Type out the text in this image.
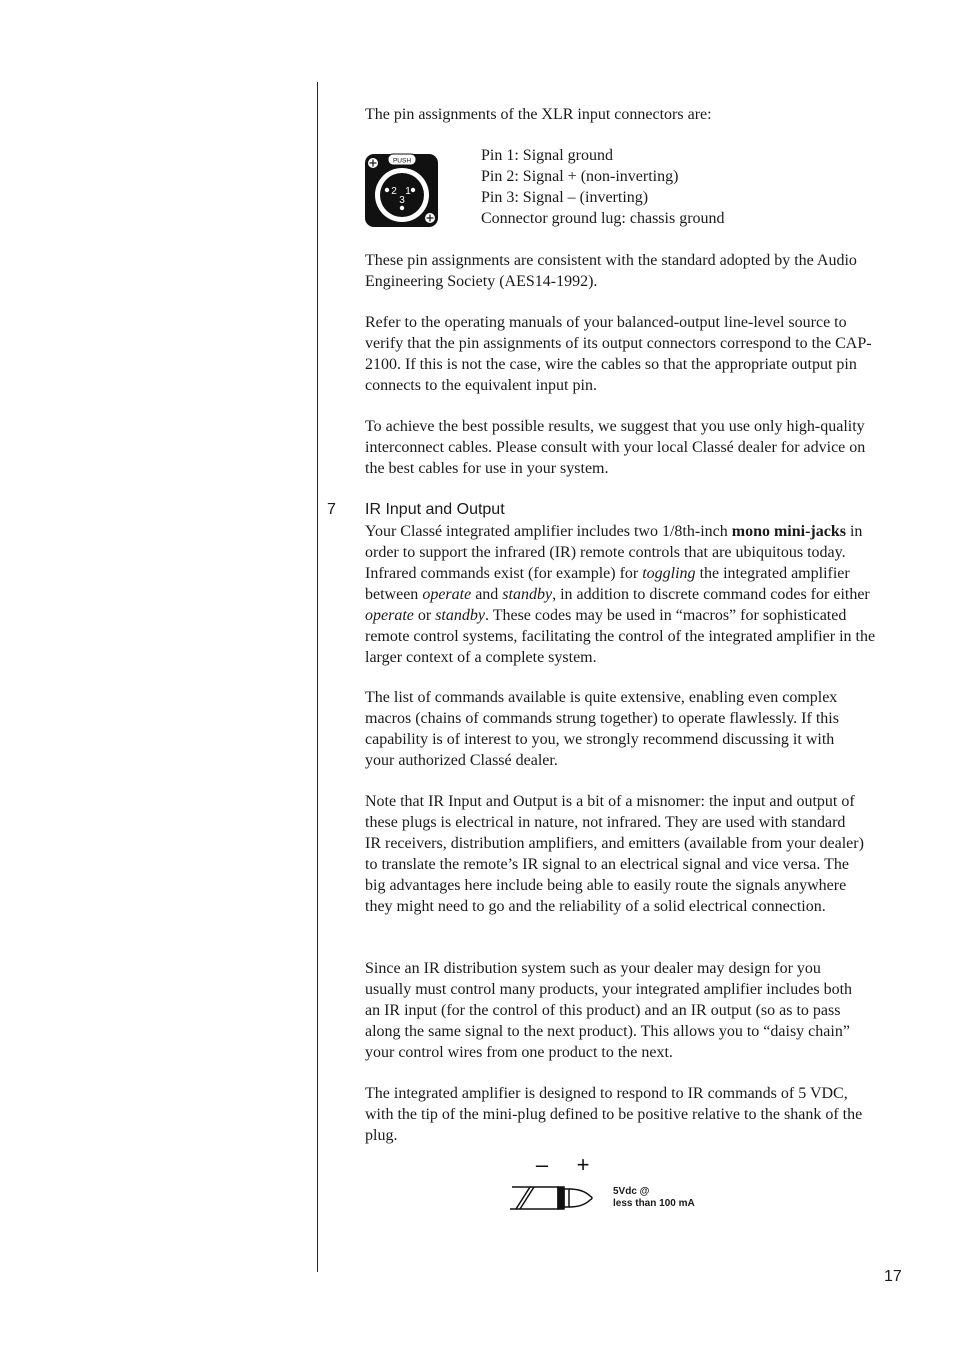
The pin assignments of the XLR input connectors are:

PUSH
2 1
3
Pin 1: Signal ground
Pin 2: Signal + (non-inverting)
Pin 3: Signal – (inverting)
Connector ground lug: chassis ground

These pin assignments are consistent with the standard adopted by the Audio Engineering Society (AES14-1992).

Refer to the operating manuals of your balanced-output line-level source to verify that the pin assignments of its output connectors correspond to the CAP-2100. If this is not the case, wire the cables so that the appropriate output pin connects to the equivalent input pin.

To achieve the best possible results, we suggest that you use only high-quality interconnect cables. Please consult with your local Classé dealer for advice on the best cables for use in your system.

7 IR Input and Output

Your Classé integrated amplifier includes two 1/8th-inch mono mini-jacks in order to support the infrared (IR) remote controls that are ubiquitous today. Infrared commands exist (for example) for toggling the integrated amplifier between operate and standby, in addition to discrete command codes for either operate or standby. These codes may be used in “macros” for sophisticated remote control systems, facilitating the control of the integrated amplifier in the larger context of a complete system.

The list of commands available is quite extensive, enabling even complex macros (chains of commands strung together) to operate flawlessly. If this capability is of interest to you, we strongly recommend discussing it with your authorized Classé dealer.

Note that IR Input and Output is a bit of a misnomer: the input and output of these plugs is electrical in nature, not infrared. They are used with standard IR receivers, distribution amplifiers, and emitters (available from your dealer) to translate the remote’s IR signal to an electrical signal and vice versa. The big advantages here include being able to easily route the signals anywhere they might need to go and the reliability of a solid electrical connection.

Since an IR distribution system such as your dealer may design for you usually must control many products, your integrated amplifier includes both an IR input (for the control of this product) and an IR output (so as to pass along the same signal to the next product). This allows you to “daisy chain” your control wires from one product to the next.

The integrated amplifier is designed to respond to IR commands of 5 VDC, with the tip of the mini-plug defined to be positive relative to the shank of the plug.

– +
5Vdc @
less than 100 mA
17
